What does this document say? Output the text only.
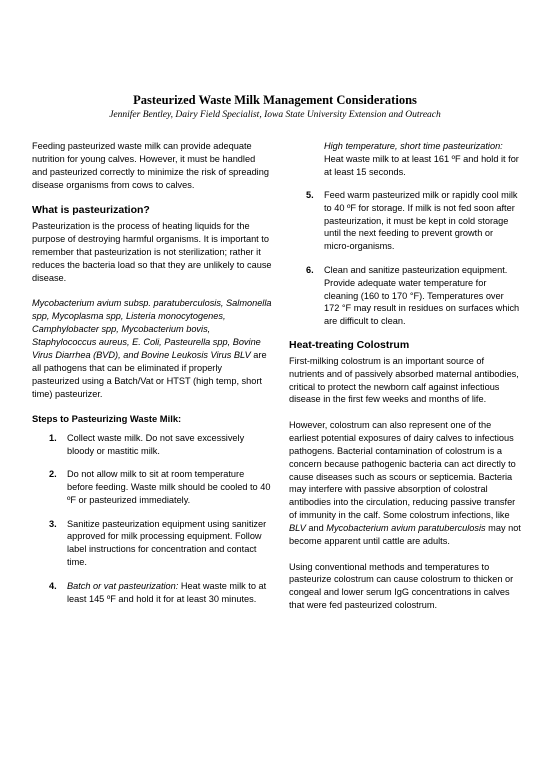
Pasteurized Waste Milk Management Considerations
Jennifer Bentley, Dairy Field Specialist, Iowa State University Extension and Outreach

Feeding pasteurized waste milk can provide adequate nutrition for young calves. However, it must be handled and pasteurized correctly to minimize the risk of spreading disease organisms from cows to calves.

What is pasteurization?

Pasteurization is the process of heating liquids for the purpose of destroying harmful organisms. It is important to remember that pasteurization is not sterilization; rather it reduces the bacteria load so that they are unlikely to cause disease.

Mycobacterium avium subsp. paratuberculosis, Salmonella spp, Mycoplasma spp, Listeria monocytogenes, Camphylobacter spp, Mycobacterium bovis, Staphylococcus aureus, E. Coli, Pasteurella spp, Bovine Virus Diarrhea (BVD), and Bovine Leukosis Virus BLV are all pathogens that can be eliminated if properly pasteurized using a Batch/Vat or HTST (high temp, short time) pasteurizer.

Steps to Pasteurizing Waste Milk:
1. Collect waste milk. Do not save excessively bloody or mastitic milk.
2. Do not allow milk to sit at room temperature before feeding. Waste milk should be cooled to 40 ºF or pasteurized immediately.
3. Sanitize pasteurization equipment using sanitizer approved for milk processing equipment. Follow label instructions for concentration and contact time.
4. Batch or vat pasteurization: Heat waste milk to at least 145 ºF and hold it for at least 30 minutes.
High temperature, short time pasteurization: Heat waste milk to at least 161 ºF and hold it for at least 15 seconds.
5. Feed warm pasteurized milk or rapidly cool milk to 40 ºF for storage. If milk is not fed soon after pasteurization, it must be kept in cold storage until the next feeding to prevent growth or micro-organisms.
6. Clean and sanitize pasteurization equipment. Provide adequate water temperature for cleaning (160 to 170 °F). Temperatures over 172 °F may result in residues on surfaces which are difficult to clean.
Heat-treating Colostrum

First-milking colostrum is an important source of nutrients and of passively absorbed maternal antibodies, critical to protect the newborn calf against infectious disease in the first few weeks and months of life.

However, colostrum can also represent one of the earliest potential exposures of dairy calves to infectious pathogens. Bacterial contamination of colostrum is a concern because pathogenic bacteria can act directly to cause diseases such as scours or septicemia. Bacteria may interfere with passive absorption of colostral antibodies into the circulation, reducing passive transfer of immunity in the calf. Some colostrum infections, like BLV and Mycobacterium avium paratuberculosis may not become apparent until cattle are adults.

Using conventional methods and temperatures to pasteurize colostrum can cause colostrum to thicken or congeal and lower serum IgG concentrations in calves that were fed pasteurized colostrum.
